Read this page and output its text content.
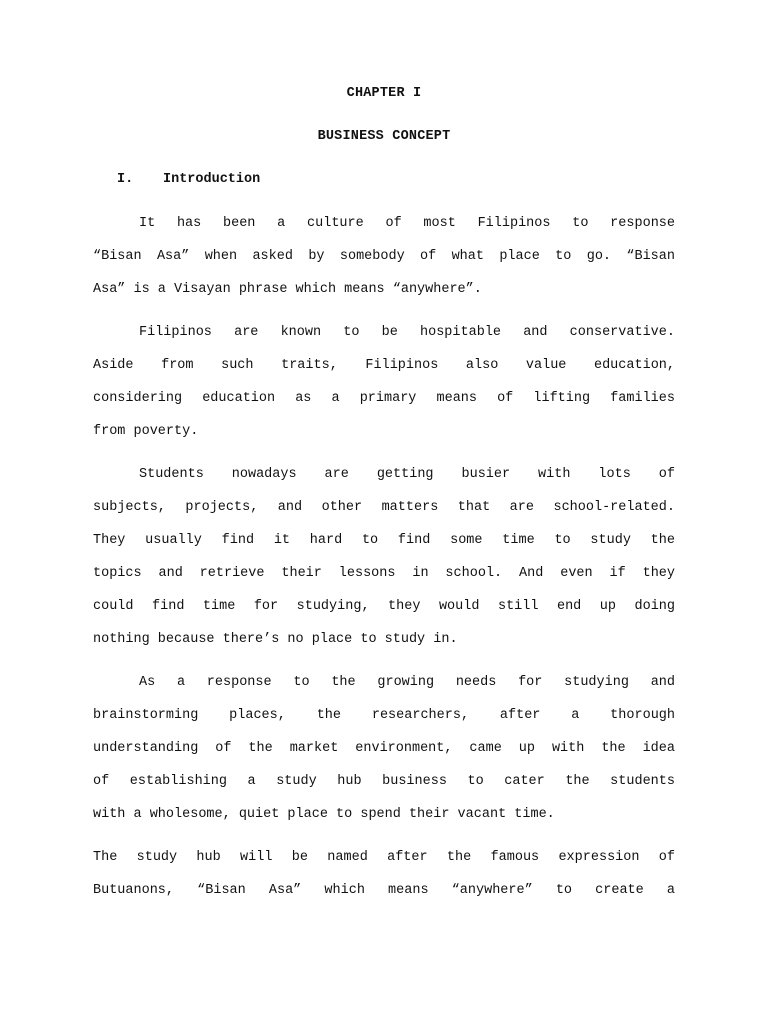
CHAPTER I
BUSINESS CONCEPT
I. Introduction
It has been a culture of most Filipinos to response
“Bisan Asa” when asked by somebody of what place to go. “Bisan
Asa” is a Visayan phrase which means “anywhere”.
Filipinos are known to be hospitable and conservative.
Aside from such traits, Filipinos also value education,
considering education as a primary means of lifting families
from poverty.
Students nowadays are getting busier with lots of
subjects, projects, and other matters that are school-related.
They usually find it hard to find some time to study the
topics and retrieve their lessons in school. And even if they
could find time for studying, they would still end up doing
nothing because there’s no place to study in.
As a response to the growing needs for studying and
brainstorming places, the researchers, after a thorough
understanding of the market environment, came up with the idea
of establishing a study hub business to cater the students
with a wholesome, quiet place to spend their vacant time.
The study hub will be named after the famous expression of
Butuanons, “Bisan Asa” which means “anywhere” to create a
